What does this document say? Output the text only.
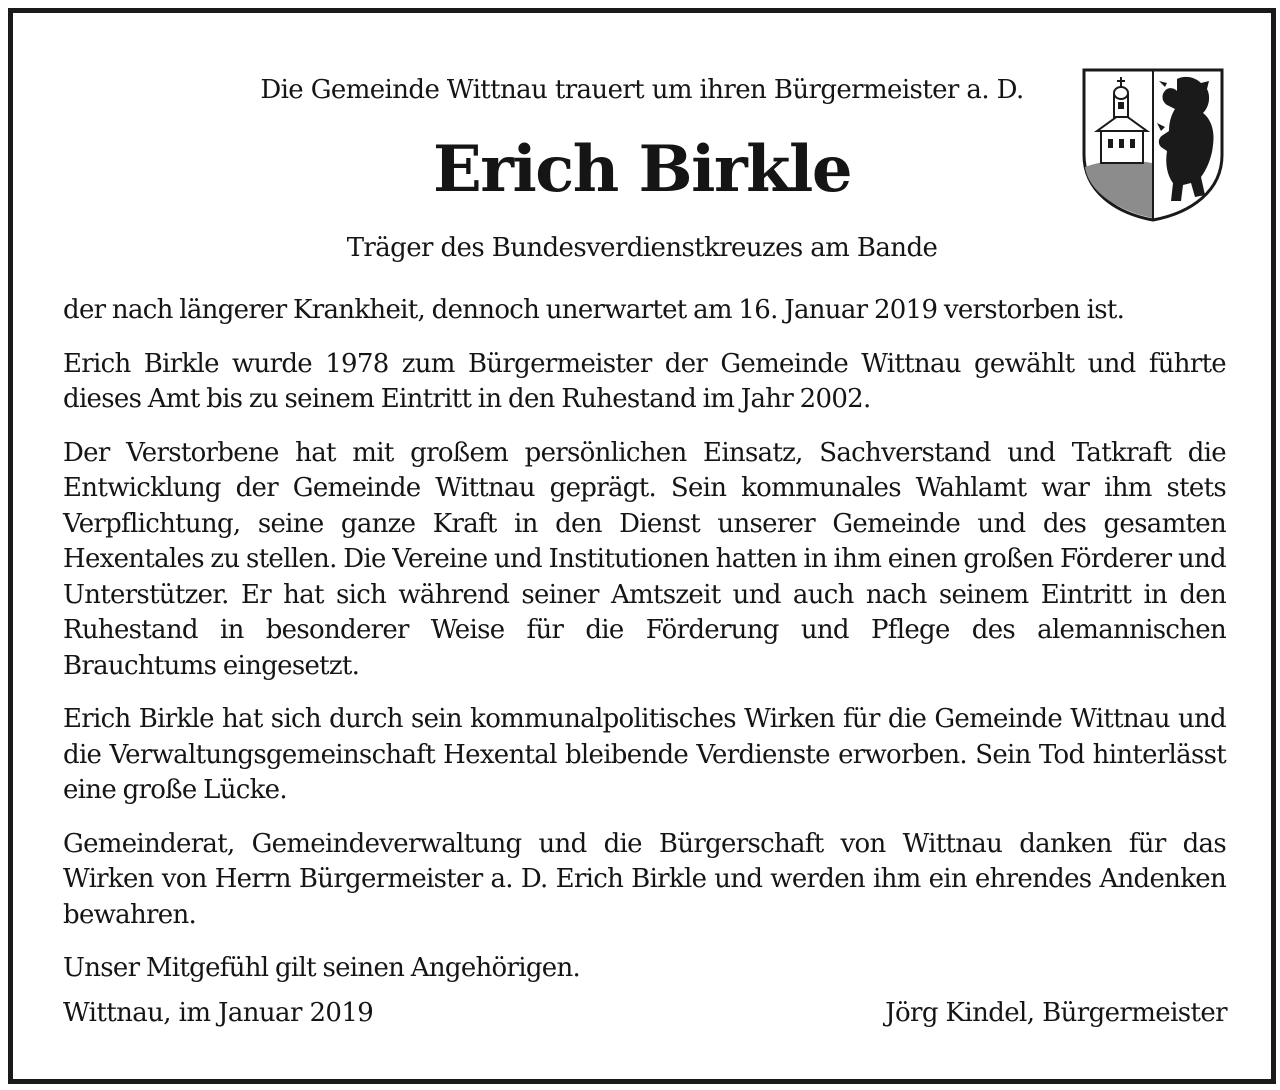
Die Gemeinde Wittnau trauert um ihren Bürgermeister a. D.
Erich Birkle
Träger des Bundesverdienstkreuzes am Bande

der nach längerer Krankheit, dennoch unerwartet am 16. Januar 2019 verstorben ist.

Erich Birkle wurde 1978 zum Bürgermeister der Gemeinde Wittnau gewählt und führte dieses Amt bis zu seinem Eintritt in den Ruhestand im Jahr 2002.

Der Verstorbene hat mit großem persönlichen Einsatz, Sachverstand und Tatkraft die Entwicklung der Gemeinde Wittnau geprägt. Sein kommunales Wahlamt war ihm stets Verpflichtung, seine ganze Kraft in den Dienst unserer Gemeinde und des gesamten Hexentales zu stellen. Die Vereine und Institutionen hatten in ihm einen großen Förderer und Unterstützer. Er hat sich während seiner Amtszeit und auch nach seinem Eintritt in den Ruhestand in besonderer Weise für die Förderung und Pflege des alemannischen Brauchtums eingesetzt.

Erich Birkle hat sich durch sein kommunalpolitisches Wirken für die Gemeinde Wittnau und die Verwaltungsgemeinschaft Hexental bleibende Verdienste erworben. Sein Tod hinterlässt eine große Lücke.

Gemeinderat, Gemeindeverwaltung und die Bürgerschaft von Wittnau danken für das Wirken von Herrn Bürgermeister a. D. Erich Birkle und werden ihm ein ehrendes Andenken bewahren.

Unser Mitgefühl gilt seinen Angehörigen.

Wittnau, im Januar 2019	Jörg Kindel, Bürgermeister
